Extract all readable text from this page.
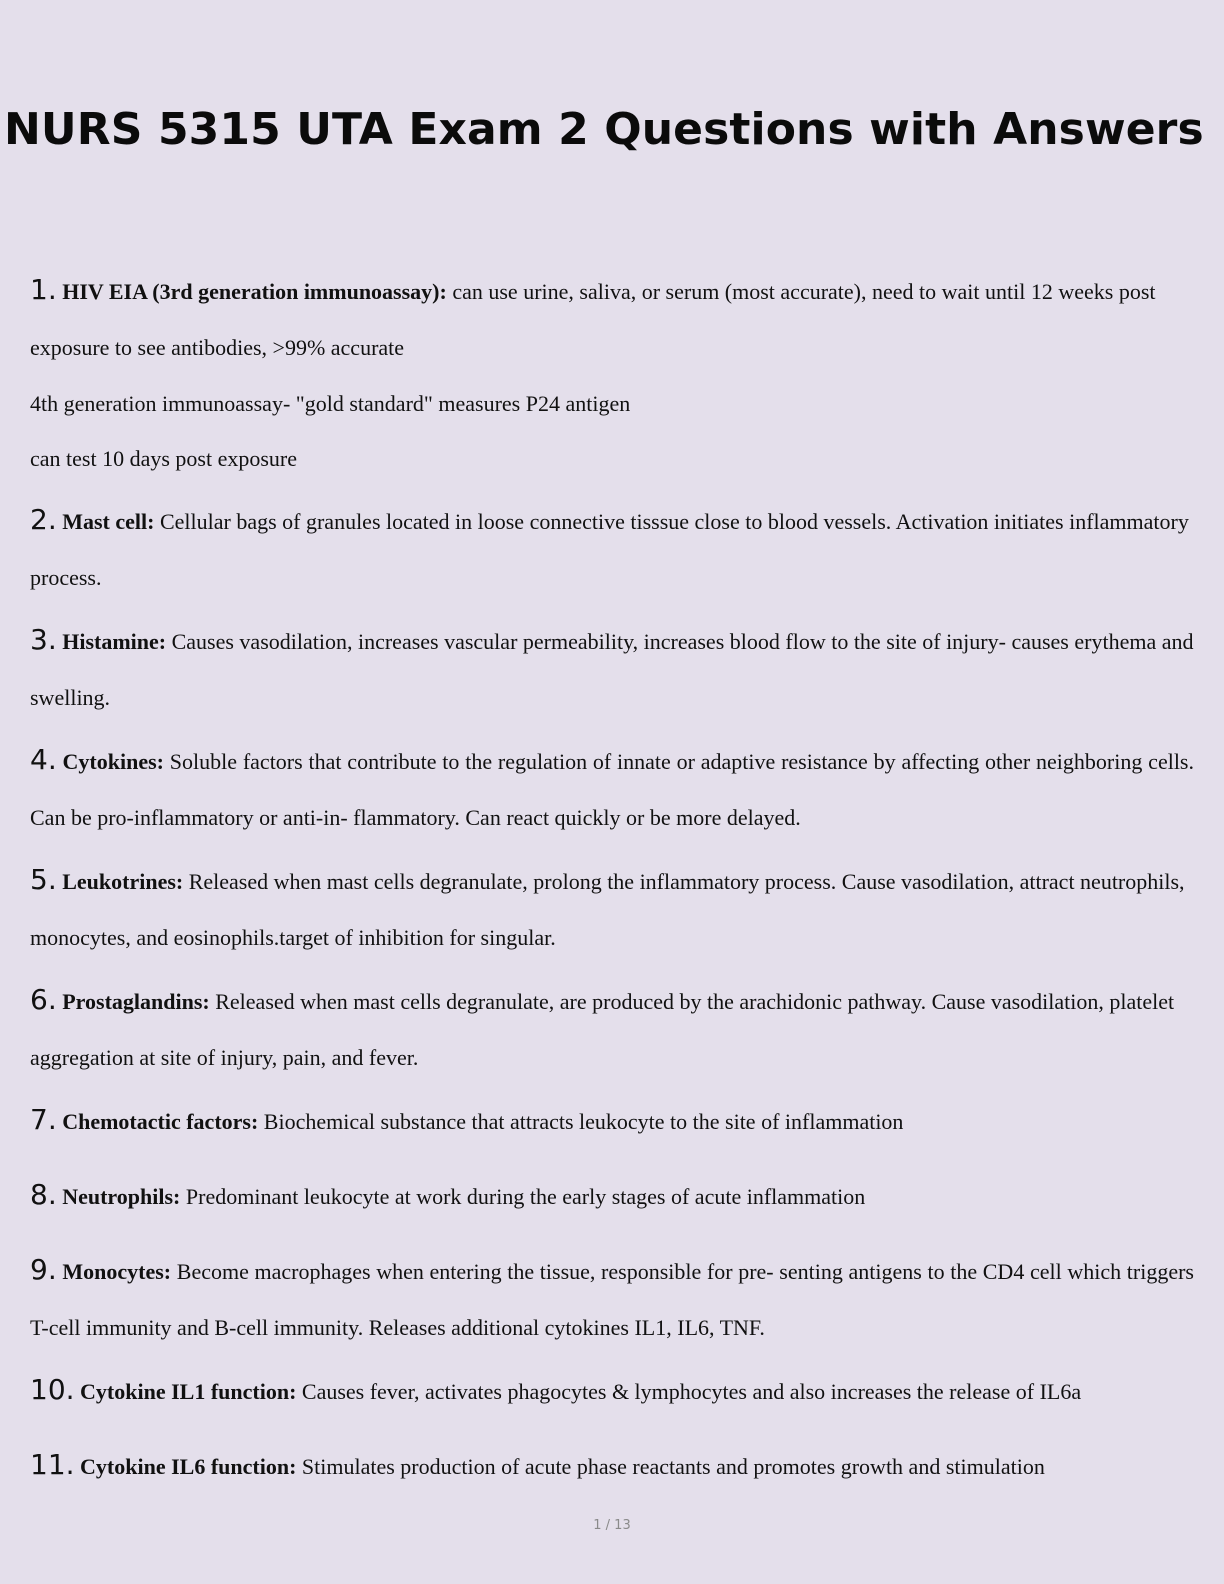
NURS 5315 UTA Exam 2 Questions with Answers
1. HIV EIA (3rd generation immunoassay): can use urine, saliva, or serum (most accurate), need to wait until 12 weeks post exposure to see antibodies, >99% accurate
4th generation immunoassay- "gold standard" measures P24 antigen
can test 10 days post exposure
2. Mast cell: Cellular bags of granules located in loose connective tisssue close to blood vessels. Activation initiates inflammatory process.
3. Histamine: Causes vasodilation, increases vascular permeability, increases blood flow to the site of injury- causes erythema and swelling.
4. Cytokines: Soluble factors that contribute to the regulation of innate or adaptive resistance by affecting other neighboring cells. Can be pro-inflammatory or anti-in- flammatory. Can react quickly or be more delayed.
5. Leukotrines: Released when mast cells degranulate, prolong the inflammatory process. Cause vasodilation, attract neutrophils, monocytes, and eosinophils.target of inhibition for singular.
6. Prostaglandins: Released when mast cells degranulate, are produced by the arachidonic pathway. Cause vasodilation, platelet aggregation at site of injury, pain, and fever.
7. Chemotactic factors: Biochemical substance that attracts leukocyte to the site of inflammation
8. Neutrophils: Predominant leukocyte at work during the early stages of acute inflammation
9. Monocytes: Become macrophages when entering the tissue, responsible for pre- senting antigens to the CD4 cell which triggers T-cell immunity and B-cell immunity. Releases additional cytokines IL1, IL6, TNF.
10. Cytokine IL1 function: Causes fever, activates phagocytes & lymphocytes and also increases the release of IL6a
11. Cytokine IL6 function: Stimulates production of acute phase reactants and promotes growth and stimulation
1 / 13
